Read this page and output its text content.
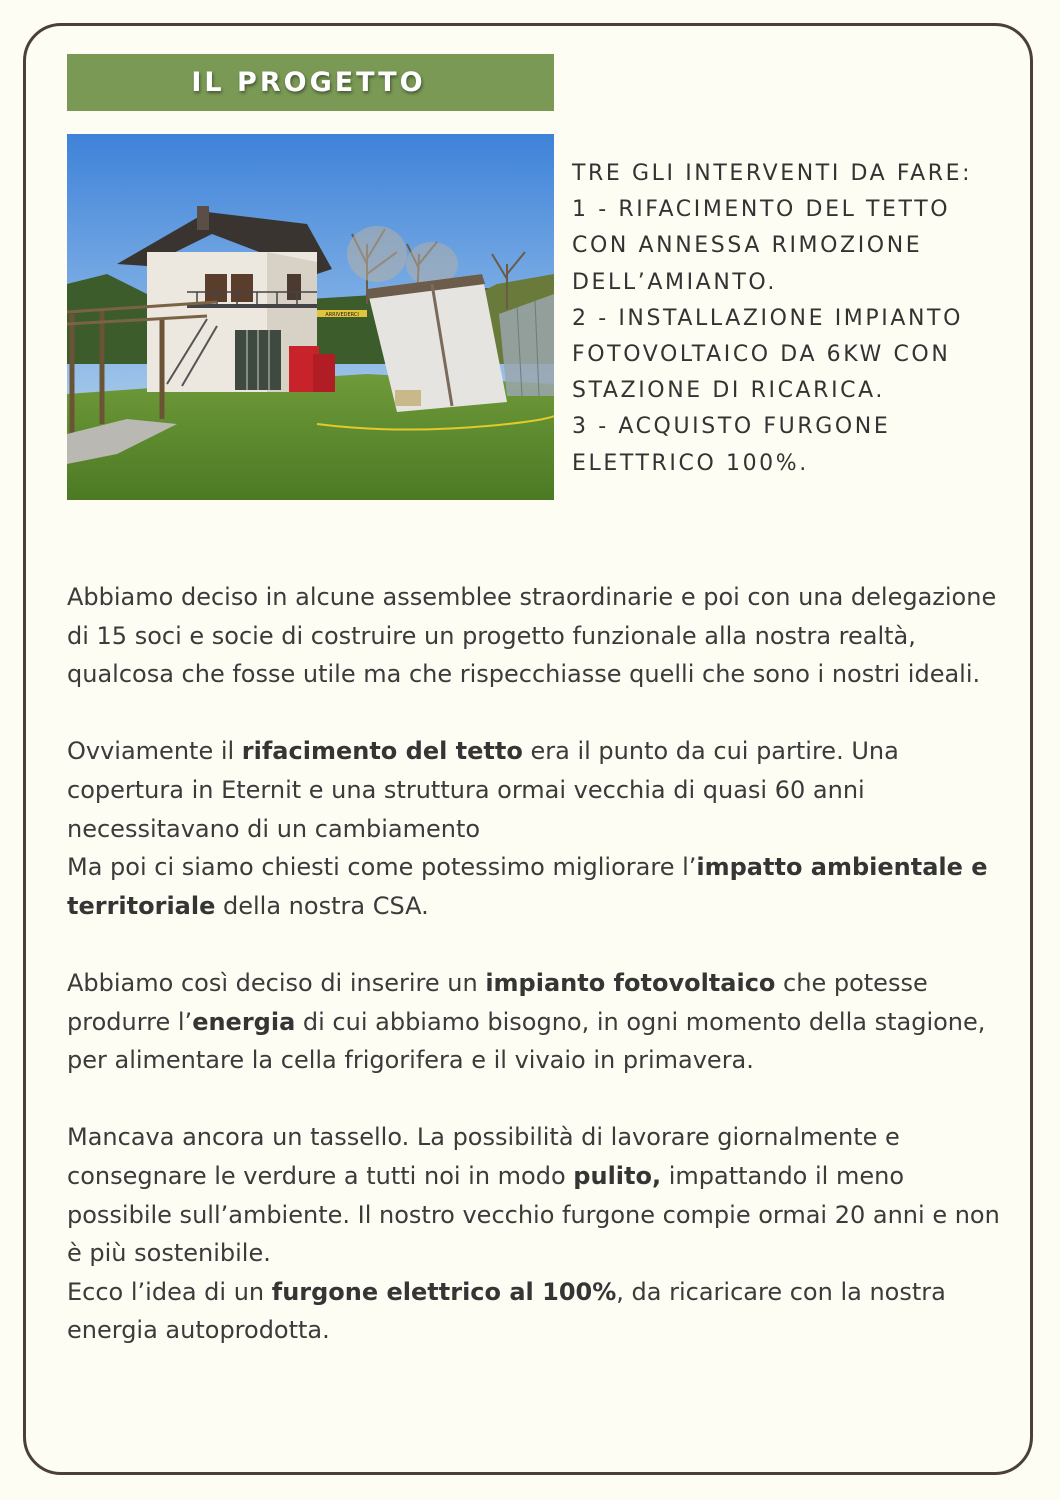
IL PROGETTO
ARRIVEDERCI
TRE GLI INTERVENTI DA FARE:
1 - RIFACIMENTO DEL TETTO
CON ANNESSA RIMOZIONE
DELL’AMIANTO.
2 - INSTALLAZIONE IMPIANTO
FOTOVOLTAICO DA 6KW CON
STAZIONE DI RICARICA.
3 - ACQUISTO FURGONE
ELETTRICO 100%.

Abbiamo deciso in alcune assemblee straordinarie e poi con una delegazione di 15 soci e socie di costruire un progetto funzionale alla nostra realtà, qualcosa che fosse utile ma che rispecchiasse quelli che sono i nostri ideali.

Ovviamente il rifacimento del tetto era il punto da cui partire. Una copertura in Eternit e una struttura ormai vecchia di quasi 60 anni necessitavano di un cambiamento
Ma poi ci siamo chiesti come potessimo migliorare l’impatto ambientale e territoriale della nostra CSA.

Abbiamo così deciso di inserire un impianto fotovoltaico che potesse produrre l’energia di cui abbiamo bisogno, in ogni momento della stagione, per alimentare la cella frigorifera e il vivaio in primavera.

Mancava ancora un tassello. La possibilità di lavorare giornalmente e consegnare le verdure a tutti noi in modo pulito, impattando il meno possibile sull’ambiente. Il nostro vecchio furgone compie ormai 20 anni e non è più sostenibile.
Ecco l’idea di un furgone elettrico al 100%, da ricaricare con la nostra energia autoprodotta.
